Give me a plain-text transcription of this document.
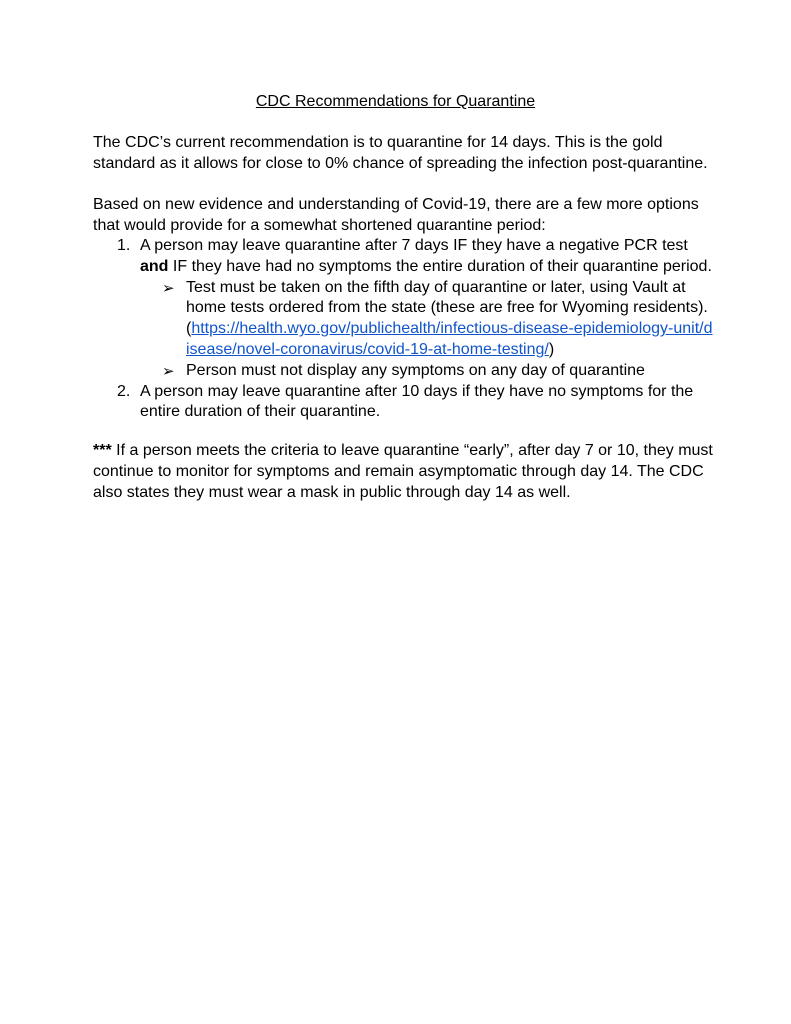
CDC Recommendations for Quarantine

The CDC’s current recommendation is to quarantine for 14 days. This is the gold standard as it allows for close to 0% chance of spreading the infection post-quarantine.

Based on new evidence and understanding of Covid-19, there are a few more options that would provide for a somewhat shortened quarantine period:

1. A person may leave quarantine after 7 days IF they have a negative PCR test and IF they have had no symptoms the entire duration of their quarantine period.
➢ Test must be taken on the fifth day of quarantine or later, using Vault at home tests ordered from the state (these are free for Wyoming residents). (https://health.wyo.gov/publichealth/infectious-disease-epidemiology-unit/d
isease/novel-coronavirus/covid-19-at-home-testing/)
➢ Person must not display any symptoms on any day of quarantine
2. A person may leave quarantine after 10 days if they have no symptoms for the entire duration of their quarantine.

*** If a person meets the criteria to leave quarantine “early”, after day 7 or 10, they must continue to monitor for symptoms and remain asymptomatic through day 14. The CDC also states they must wear a mask in public through day 14 as well.
